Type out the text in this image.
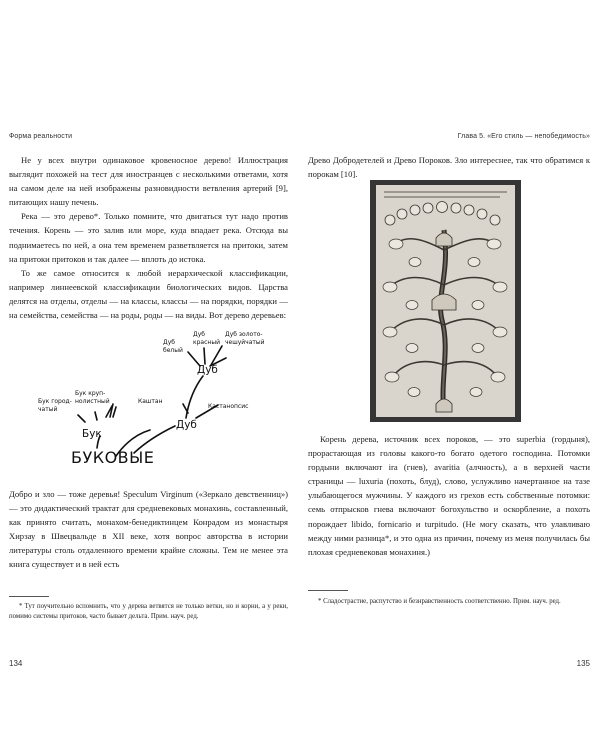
Форма реальности

Не у всех внутри одинаковое кровеносное дерево! Иллюстрация выглядит похожей на тест для иностранцев с несколькими ответами, хотя на самом деле на ней изображены разновидности ветвления артерий [9], питающих нашу печень.

Река — это дерево*. Только помните, что двигаться тут надо против течения. Корень — это залив или море, куда впадает река. Отсюда вы поднимаетесь по ней, а она тем временем разветвляется на притоки, затем на притоки притоков и так далее — вплоть до истока.

То же самое относится к любой иерархической классификации, например линнеевской классификации биологических видов. Царства делятся на отделы, отделы — на классы, классы — на порядки, порядки — на семейства, семейства — на роды, роды — на виды. Вот дерево деревьев:

БУКОВЫЕ
Бук
Дуб
Дуб
Бук город-
чатый
Бук круп-
нолистный	Каштан
Кастанопсис
Дуб
белый
Дуб
красный
Дуб золото-
чешуйчатый

Добро и зло — тоже деревья! Speculum Virginum («Зеркало девственниц») — это дидактический трактат для средневековых монахинь, составленный, как принято считать, монахом-бенедиктинцем Конрадом из монастыря Хирзау в Швецвальде в XII веке, хотя вопрос авторства в истории литературы столь отдаленного времени крайне сложны. Тем не менее эта книга существует и в ней есть

* Тут поучительно вспомнить, что у дерева ветвятся не только ветки, но и корни, а у реки, помимо системы притоков, часто бывает дельта. Прим. науч. ред.

134
Глава 5. «Его стиль — непобедимость»

Древо Добродетелей и Древо Пороков. Зло интереснее, так что обратимся к порокам [10].

Корень дерева, источник всех пороков, — это superbia (гордыня), прорастающая из головы какого-то богато одетого господина. Потомки гордыни включают ira (гнев), avaritia (алчность), а в верхней части страницы — luxuria (похоть, блуд), слово, услужливо начертанное на тазе улыбающегося мужчины. У каждого из грехов есть собственные потомки: семь отпрысков гнева включают богохульство и оскорбление, а похоть порождает libido, fornicario и turpitudo. (Не могу сказать, что улавливаю между ними разница*, и это одна из причин, почему из меня получилась бы плохая средневековая монахиня.)

* Сладострастие, распутство и безнравственность соответственно. Прим. науч. ред.

135
